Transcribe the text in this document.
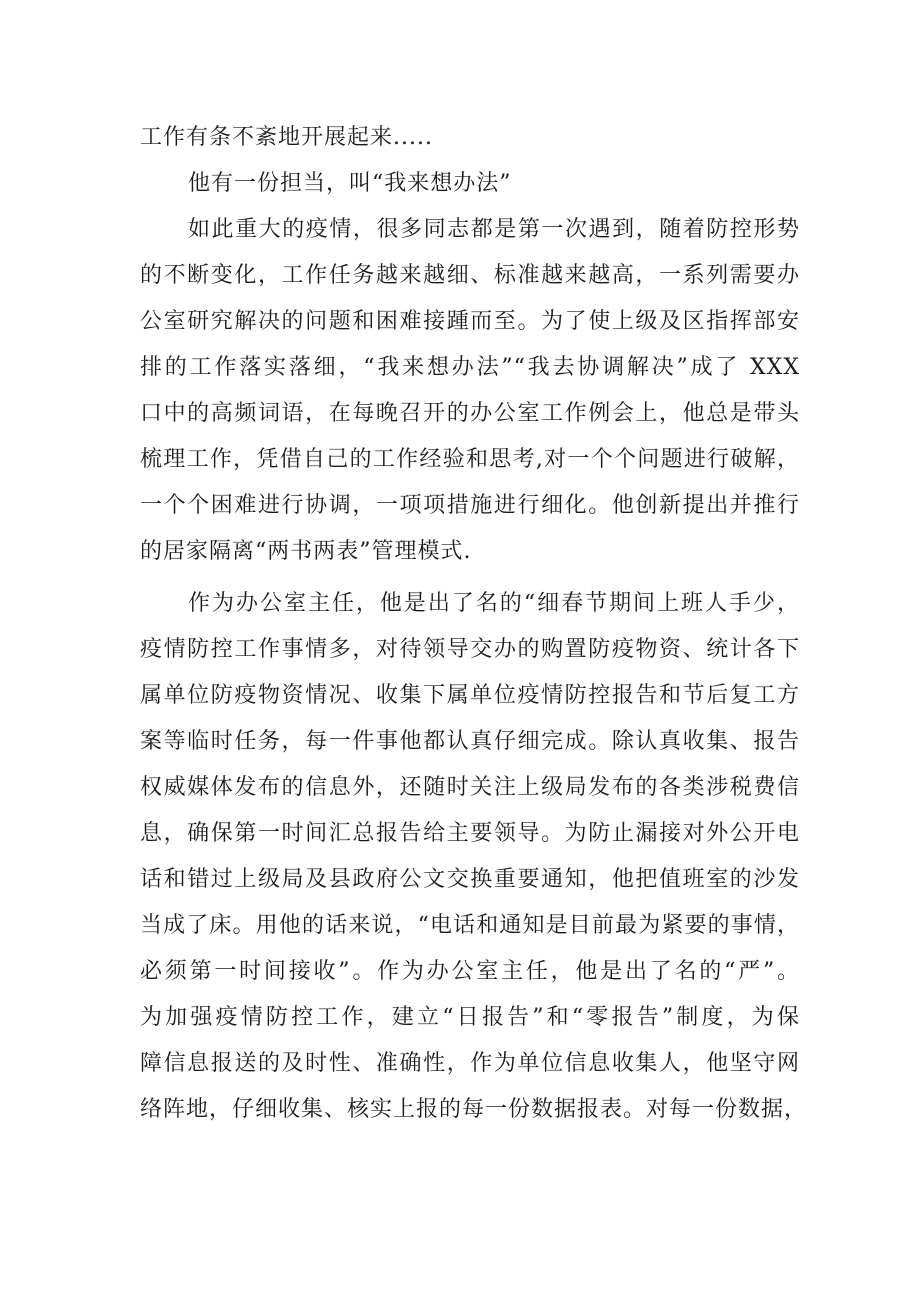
工作有条不紊地开展起来.....
他有一份担当，叫“我来想办法”
如此重大的疫情，很多同志都是第一次遇到，随着防控形势
的不断变化，工作任务越来越细、标准越来越高，一系列需要办
公室研究解决的问题和困难接踵而至。为了使上级及区指挥部安
排的工作落实落细，“我来想办法”“我去协调解决”成了 XXX
口中的高频词语，在每晚召开的办公室工作例会上，他总是带头
梳理工作，凭借自己的工作经验和思考,对一个个问题进行破解，
一个个困难进行协调，一项项措施进行细化。他创新提出并推行
的居家隔离“两书两表”管理模式.
作为办公室主任，他是出了名的“细春节期间上班人手少，
疫情防控工作事情多，对待领导交办的购置防疫物资、统计各下
属单位防疫物资情况、收集下属单位疫情防控报告和节后复工方
案等临时任务，每一件事他都认真仔细完成。除认真收集、报告
权威媒体发布的信息外，还随时关注上级局发布的各类涉税费信
息，确保第一时间汇总报告给主要领导。为防止漏接对外公开电
话和错过上级局及县政府公文交换重要通知，他把值班室的沙发
当成了床。用他的话来说，“电话和通知是目前最为紧要的事情，
必须第一时间接收”。作为办公室主任，他是出了名的“严”。
为加强疫情防控工作，建立“日报告”和“零报告”制度，为保
障信息报送的及时性、准确性，作为单位信息收集人，他坚守网
络阵地，仔细收集、核实上报的每一份数据报表。对每一份数据，
